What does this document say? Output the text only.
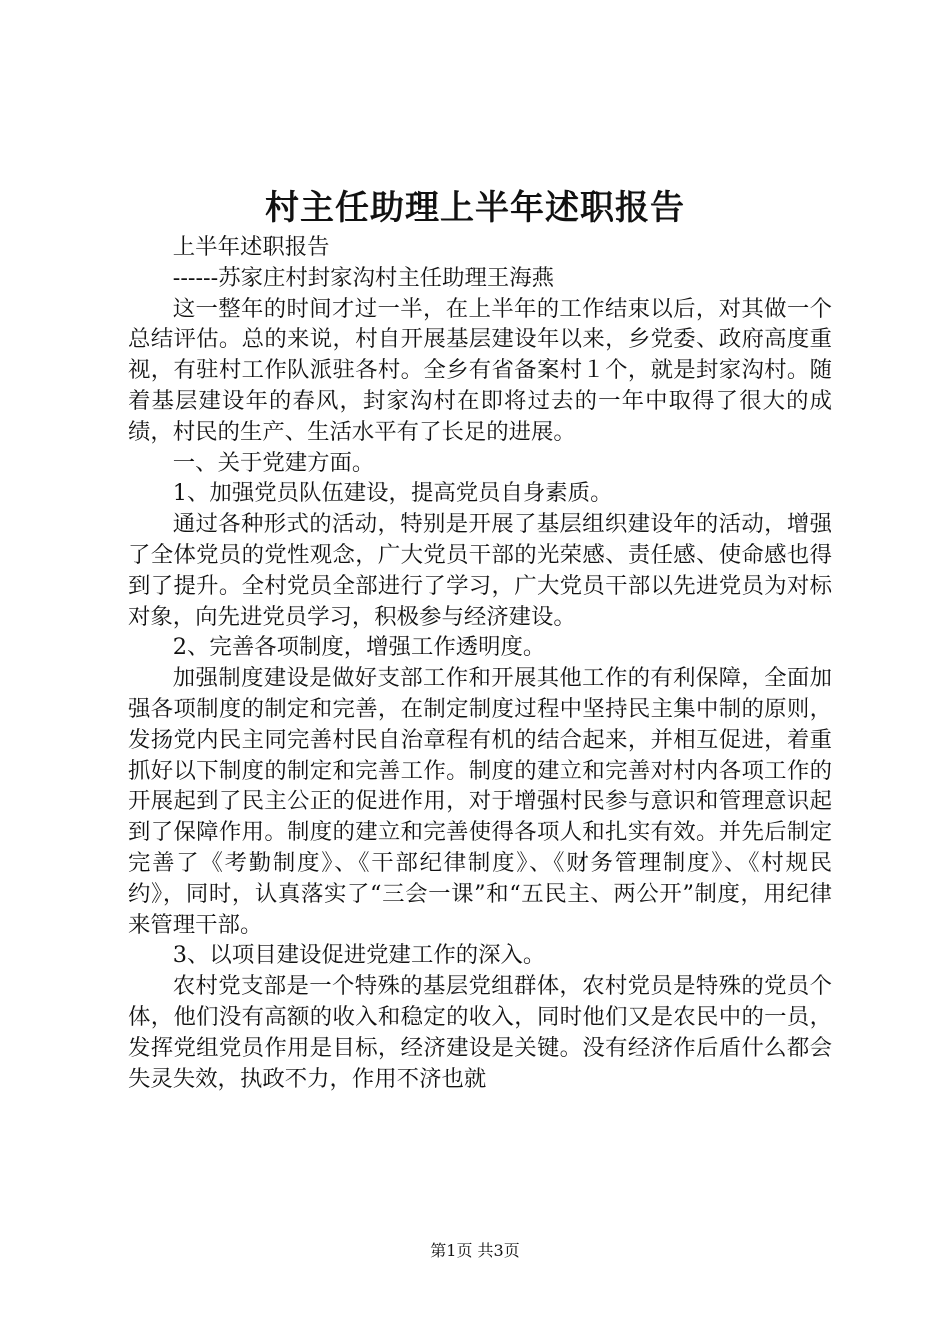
村主任助理上半年述职报告

上半年述职报告

------苏家庄村封家沟村主任助理王海燕

这一整年的时间才过一半，在上半年的工作结束以后，对其做一个总结评估。总的来说，村自开展基层建设年以来，乡党委、政府高度重视，有驻村工作队派驻各村。全乡有省备案村１个，就是封家沟村。随着基层建设年的春风，封家沟村在即将过去的一年中取得了很大的成绩，村民的生产、生活水平有了长足的进展。

一、关于党建方面。

1、加强党员队伍建设，提高党员自身素质。

通过各种形式的活动，特别是开展了基层组织建设年的活动，增强了全体党员的党性观念，广大党员干部的光荣感、责任感、使命感也得到了提升。全村党员全部进行了学习，广大党员干部以先进党员为对标对象，向先进党员学习，积极参与经济建设。

2、完善各项制度，增强工作透明度。

加强制度建设是做好支部工作和开展其他工作的有利保障，全面加强各项制度的制定和完善，在制定制度过程中坚持民主集中制的原则，发扬党内民主同完善村民自治章程有机的结合起来，并相互促进，着重抓好以下制度的制定和完善工作。制度的建立和完善对村内各项工作的开展起到了民主公正的促进作用，对于增强村民参与意识和管理意识起到了保障作用。制度的建立和完善使得各项人和扎实有效。并先后制定完善了《考勤制度》、《干部纪律制度》、《财务管理制度》、《村规民约》，同时，认真落实了“三会一课”和“五民主、两公开”制度，用纪律来管理干部。

3、以项目建设促进党建工作的深入。

农村党支部是一个特殊的基层党组群体，农村党员是特殊的党员个体，他们没有高额的收入和稳定的收入，同时他们又是农民中的一员，发挥党组党员作用是目标，经济建设是关键。没有经济作后盾什么都会失灵失效，执政不力，作用不济也就

第1页 共3页
